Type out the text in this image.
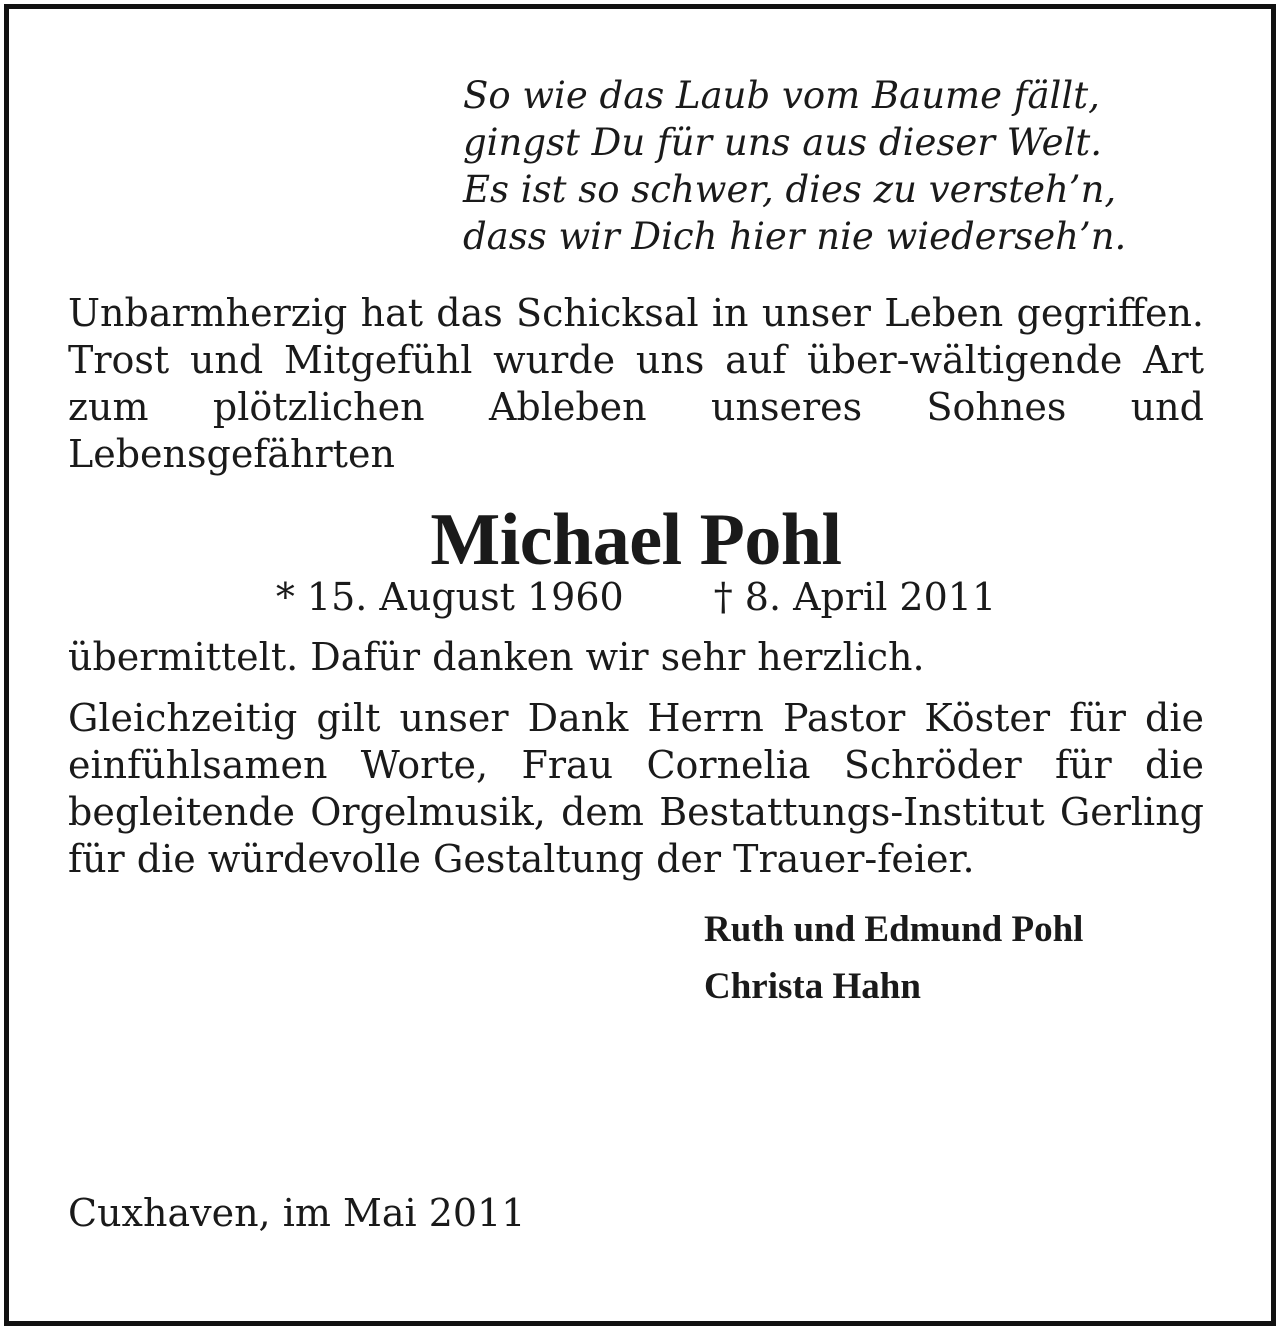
So wie das Laub vom Baume fällt,
gingst Du für uns aus dieser Welt.
Es ist so schwer, dies zu versteh’n,
dass wir Dich hier nie wiederseh’n.
Unbarmherzig hat das Schicksal in unser Leben gegriffen. Trost und Mitgefühl wurde uns auf über-wältigende Art zum plötzlichen Ableben unseres Sohnes und Lebensgefährten
Michael Pohl
* 15. August 1960 † 8. April 2011
übermittelt. Dafür danken wir sehr herzlich.
Gleichzeitig gilt unser Dank Herrn Pastor Köster für die einfühlsamen Worte, Frau Cornelia Schröder für die begleitende Orgelmusik, dem Bestattungs-Institut Gerling für die würdevolle Gestaltung der Trauer-feier.
Ruth und Edmund Pohl
Christa Hahn
Cuxhaven, im Mai 2011
